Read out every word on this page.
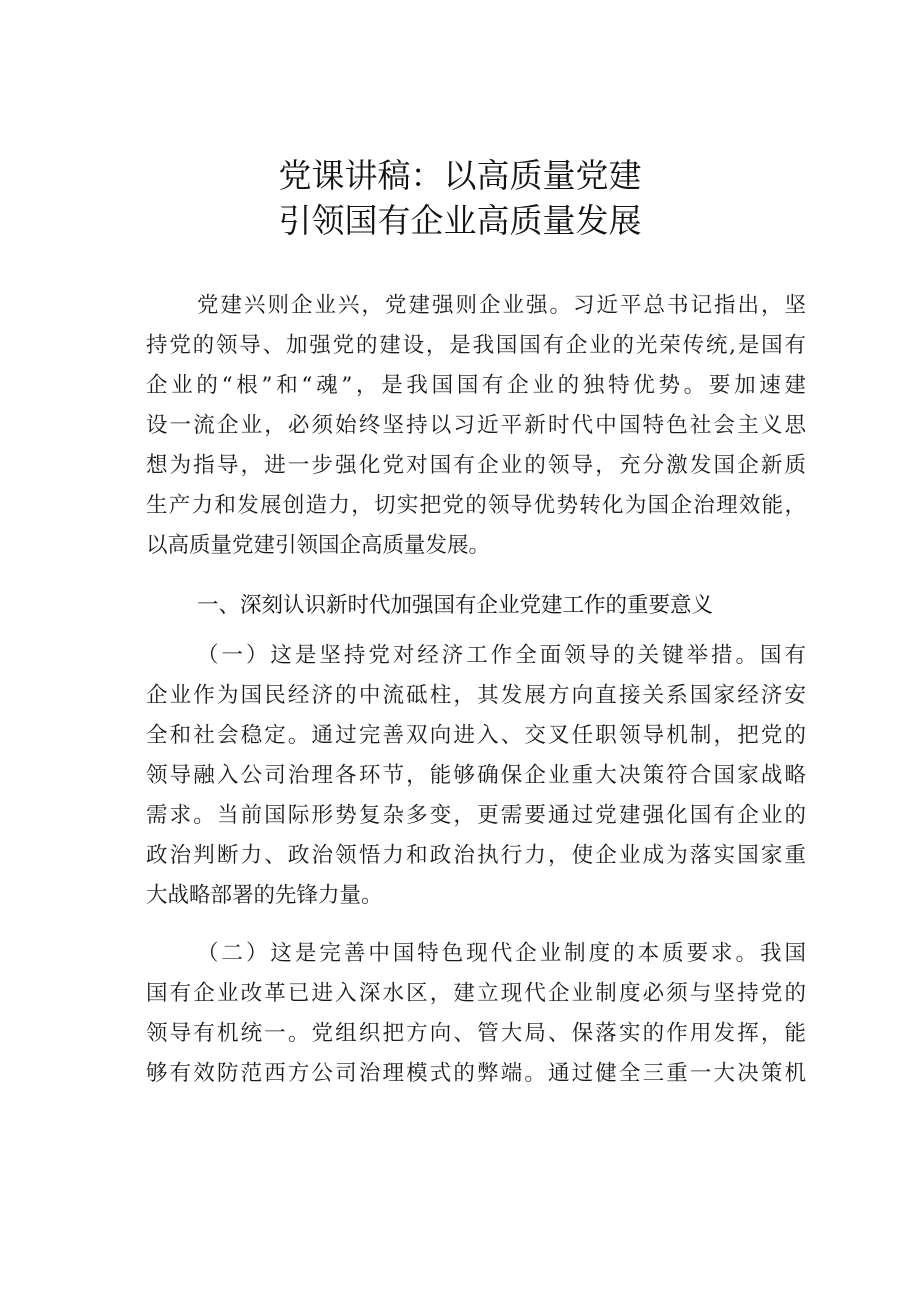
党课讲稿：以高质量党建
引领国有企业高质量发展
党建兴则企业兴，党建强则企业强。习近平总书记指出，坚
持党的领导、加强党的建设，是我国国有企业的光荣传统,是国有
企业的“根”和“魂”，是我国国有企业的独特优势。要加速建
设一流企业，必须始终坚持以习近平新时代中国特色社会主义思
想为指导，进一步强化党对国有企业的领导，充分激发国企新质
生产力和发展创造力，切实把党的领导优势转化为国企治理效能，
以高质量党建引领国企高质量发展。
一、深刻认识新时代加强国有企业党建工作的重要意义
（一）这是坚持党对经济工作全面领导的关键举措。国有
企业作为国民经济的中流砥柱，其发展方向直接关系国家经济安
全和社会稳定。通过完善双向进入、交叉任职领导机制，把党的
领导融入公司治理各环节，能够确保企业重大决策符合国家战略
需求。当前国际形势复杂多变，更需要通过党建强化国有企业的
政治判断力、政治领悟力和政治执行力，使企业成为落实国家重
大战略部署的先锋力量。
（二）这是完善中国特色现代企业制度的本质要求。我国
国有企业改革已进入深水区，建立现代企业制度必须与坚持党的
领导有机统一。党组织把方向、管大局、保落实的作用发挥，能
够有效防范西方公司治理模式的弊端。通过健全三重一大决策机
